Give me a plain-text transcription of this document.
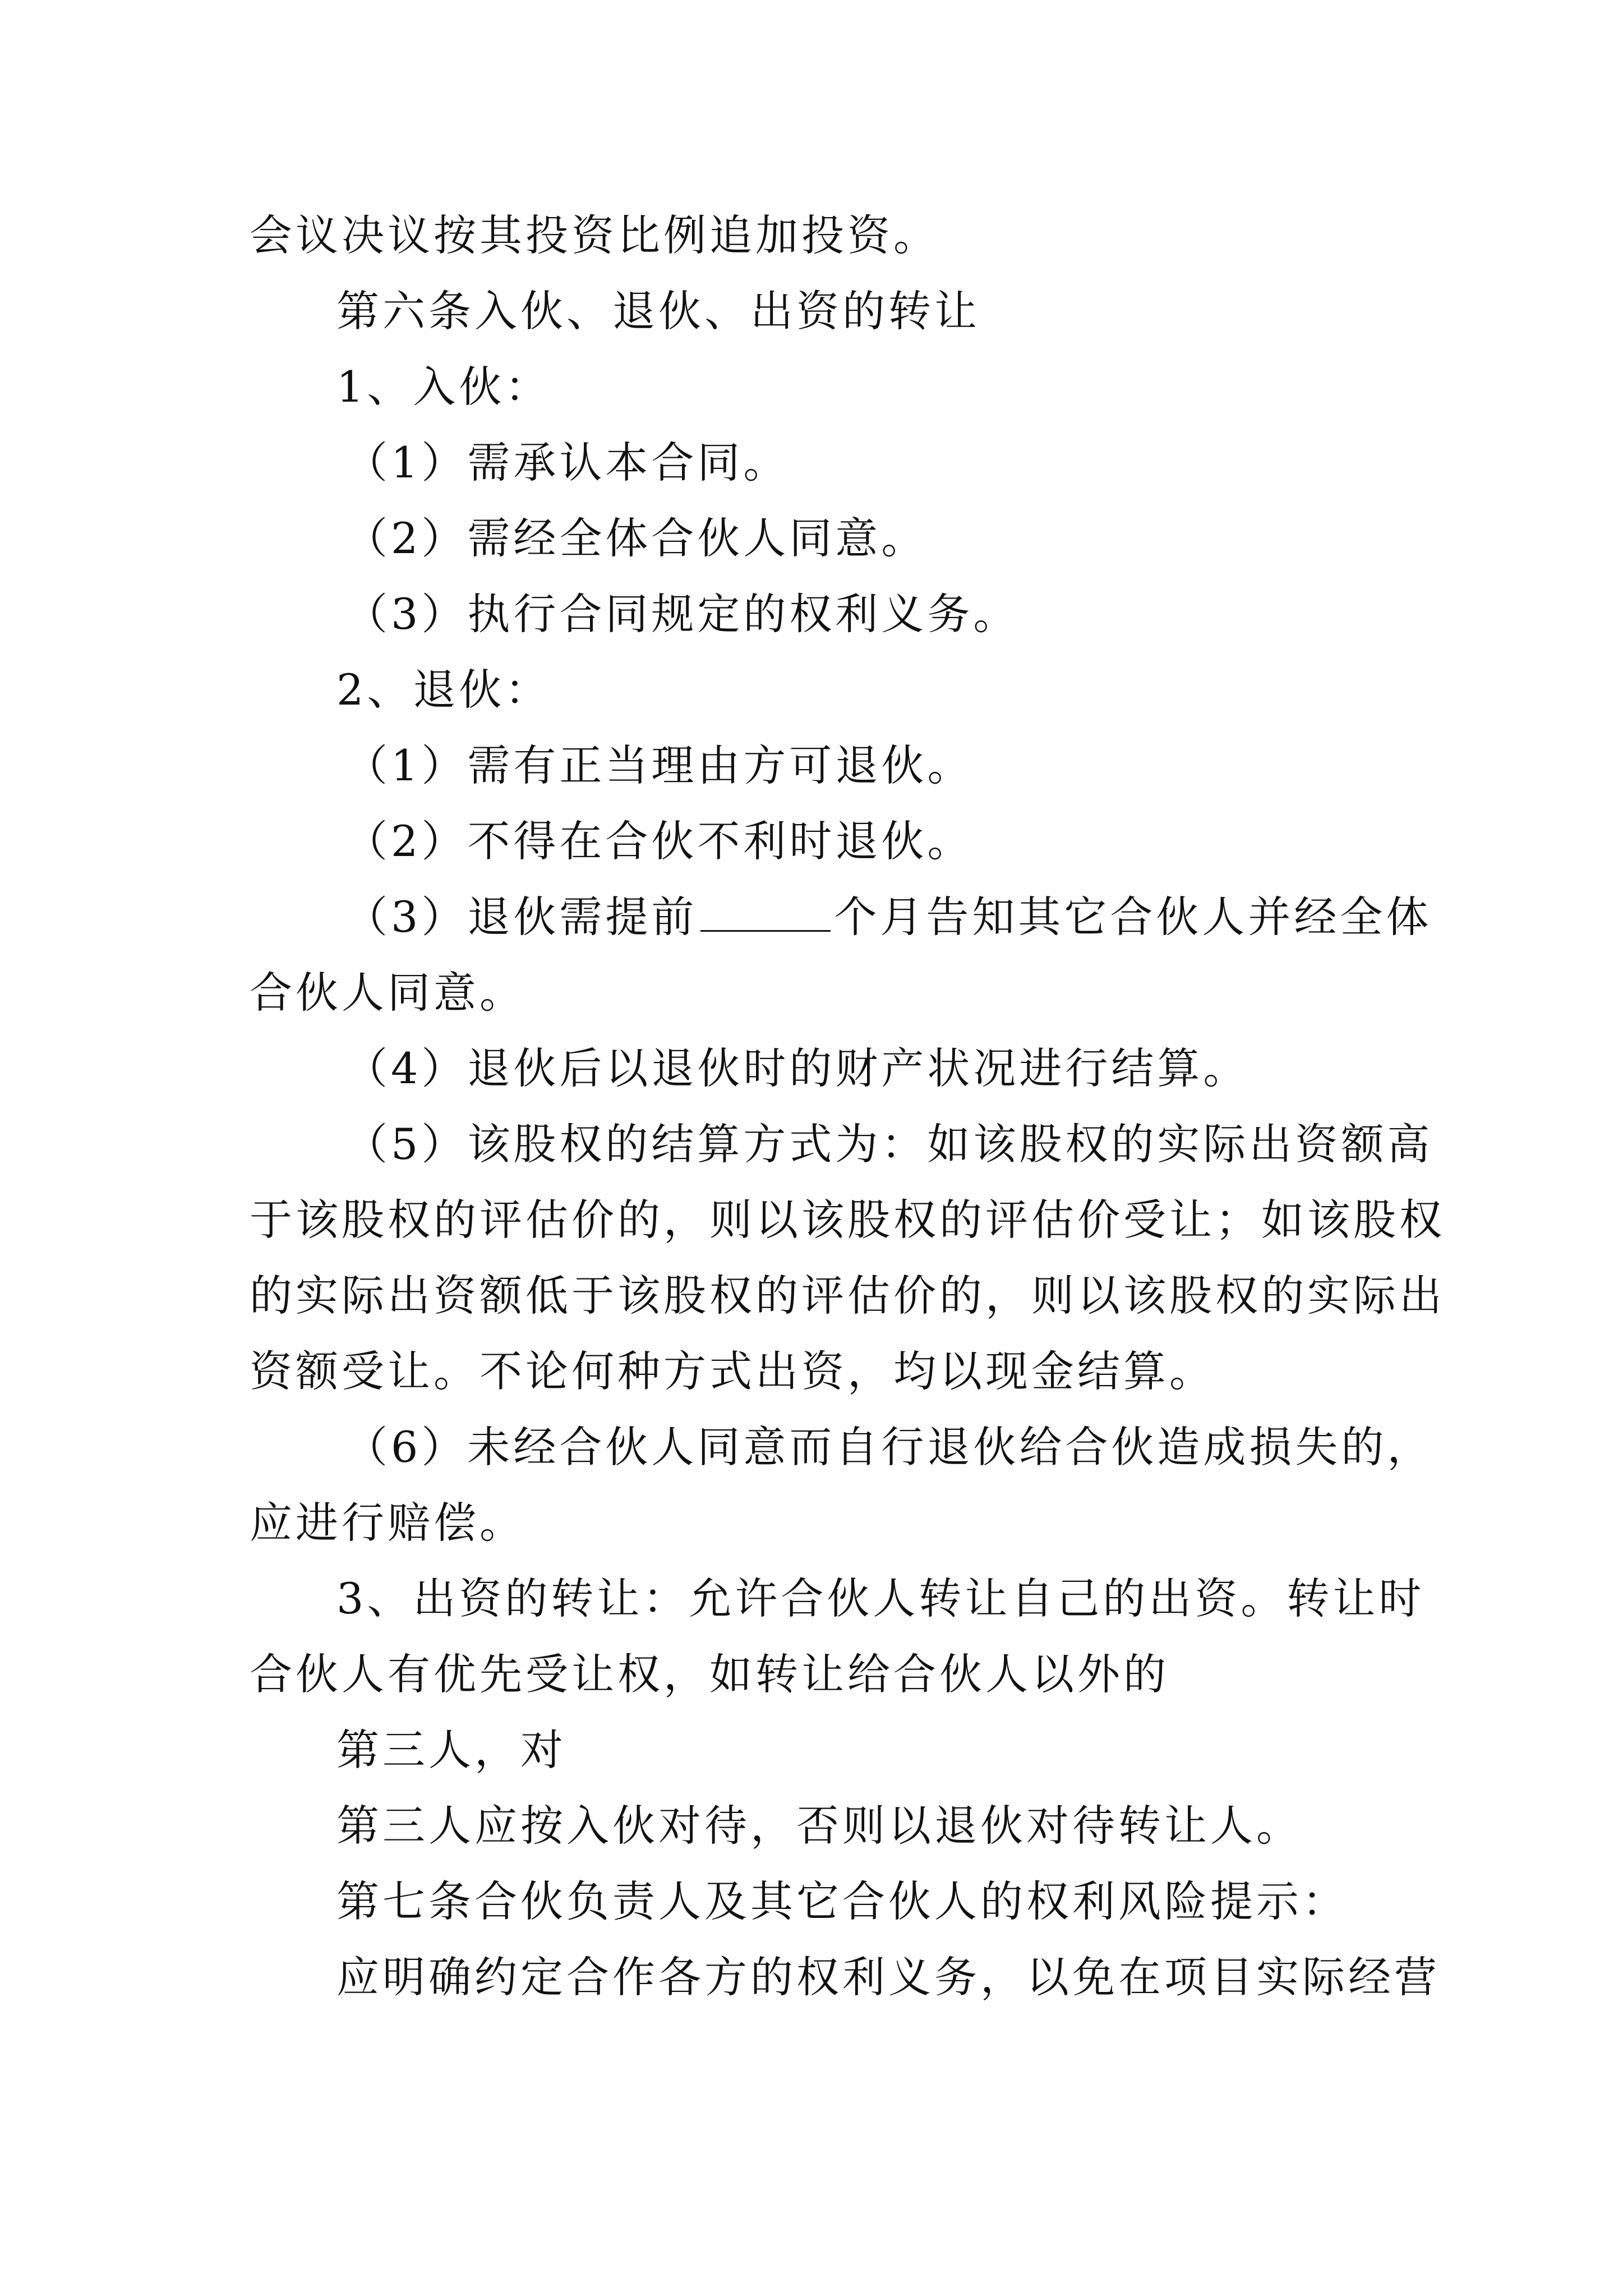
会议决议按其投资比例追加投资。
第六条入伙、退伙、出资的转让
1、入伙：
（1）需承认本合同。
（2）需经全体合伙人同意。
（3）执行合同规定的权利义务。
2、退伙：
（1）需有正当理由方可退伙。
（2）不得在合伙不利时退伙。
（3）退伙需提前	个月告知其它合伙人并经全体
合伙人同意。
（4）退伙后以退伙时的财产状况进行结算。
（5）该股权的结算方式为：如该股权的实际出资额高
于该股权的评估价的，则以该股权的评估价受让；如该股权
的实际出资额低于该股权的评估价的，则以该股权的实际出
资额受让。不论何种方式出资，均以现金结算。
（6）未经合伙人同意而自行退伙给合伙造成损失的，
应进行赔偿。
3、出资的转让：允许合伙人转让自己的出资。转让时
合伙人有优先受让权，如转让给合伙人以外的
第三人，对
第三人应按入伙对待，否则以退伙对待转让人。
第七条合伙负责人及其它合伙人的权利风险提示：
应明确约定合作各方的权利义务，以免在项目实际经营
